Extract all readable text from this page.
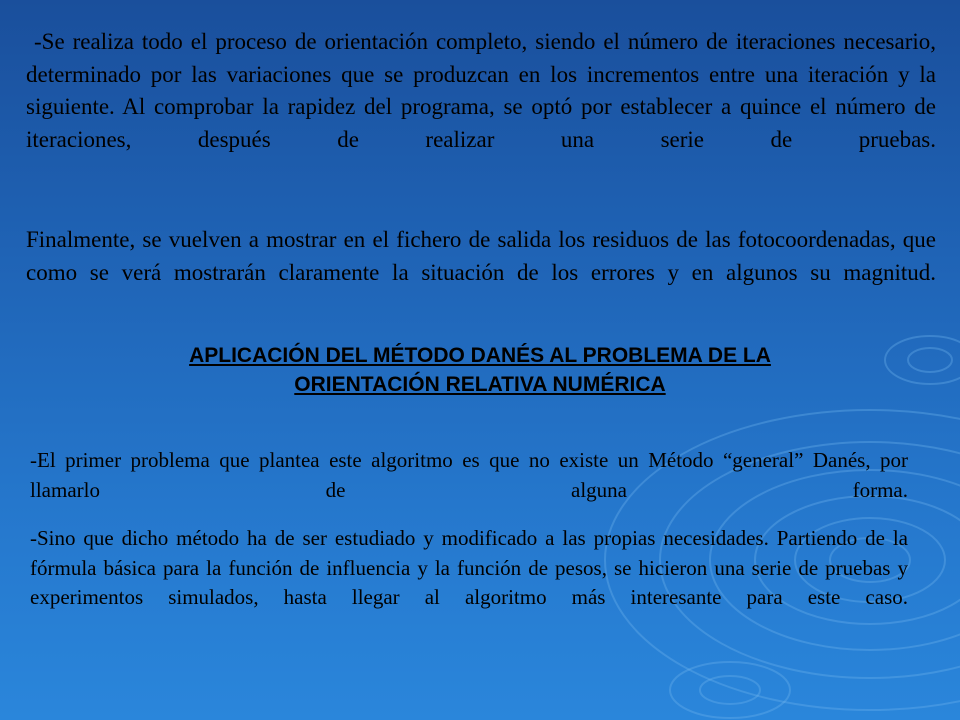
-Se realiza todo el proceso de orientación completo, siendo el número de iteraciones necesario, determinado por las variaciones que se produzcan en los incrementos entre una iteración y la siguiente. Al comprobar la rapidez del programa, se optó por establecer a quince el número de iteraciones, después de realizar una serie de pruebas.

Finalmente, se vuelven a mostrar en el fichero de salida los residuos de las fotocoordenadas, que como se verá mostrarán claramente la situación de los errores y en algunos su magnitud.

APLICACIÓN DEL MÉTODO DANÉS AL PROBLEMA DE LA
ORIENTACIÓN RELATIVA NUMÉRICA

-El primer problema que plantea este algoritmo es que no existe un Método “general” Danés, por llamarlo de alguna forma.

-Sino que dicho método ha de ser estudiado y modificado a las propias necesidades. Partiendo de la fórmula básica para la función de influencia y la función de pesos, se hicieron una serie de pruebas y experimentos simulados, hasta llegar al algoritmo más interesante para este caso.
